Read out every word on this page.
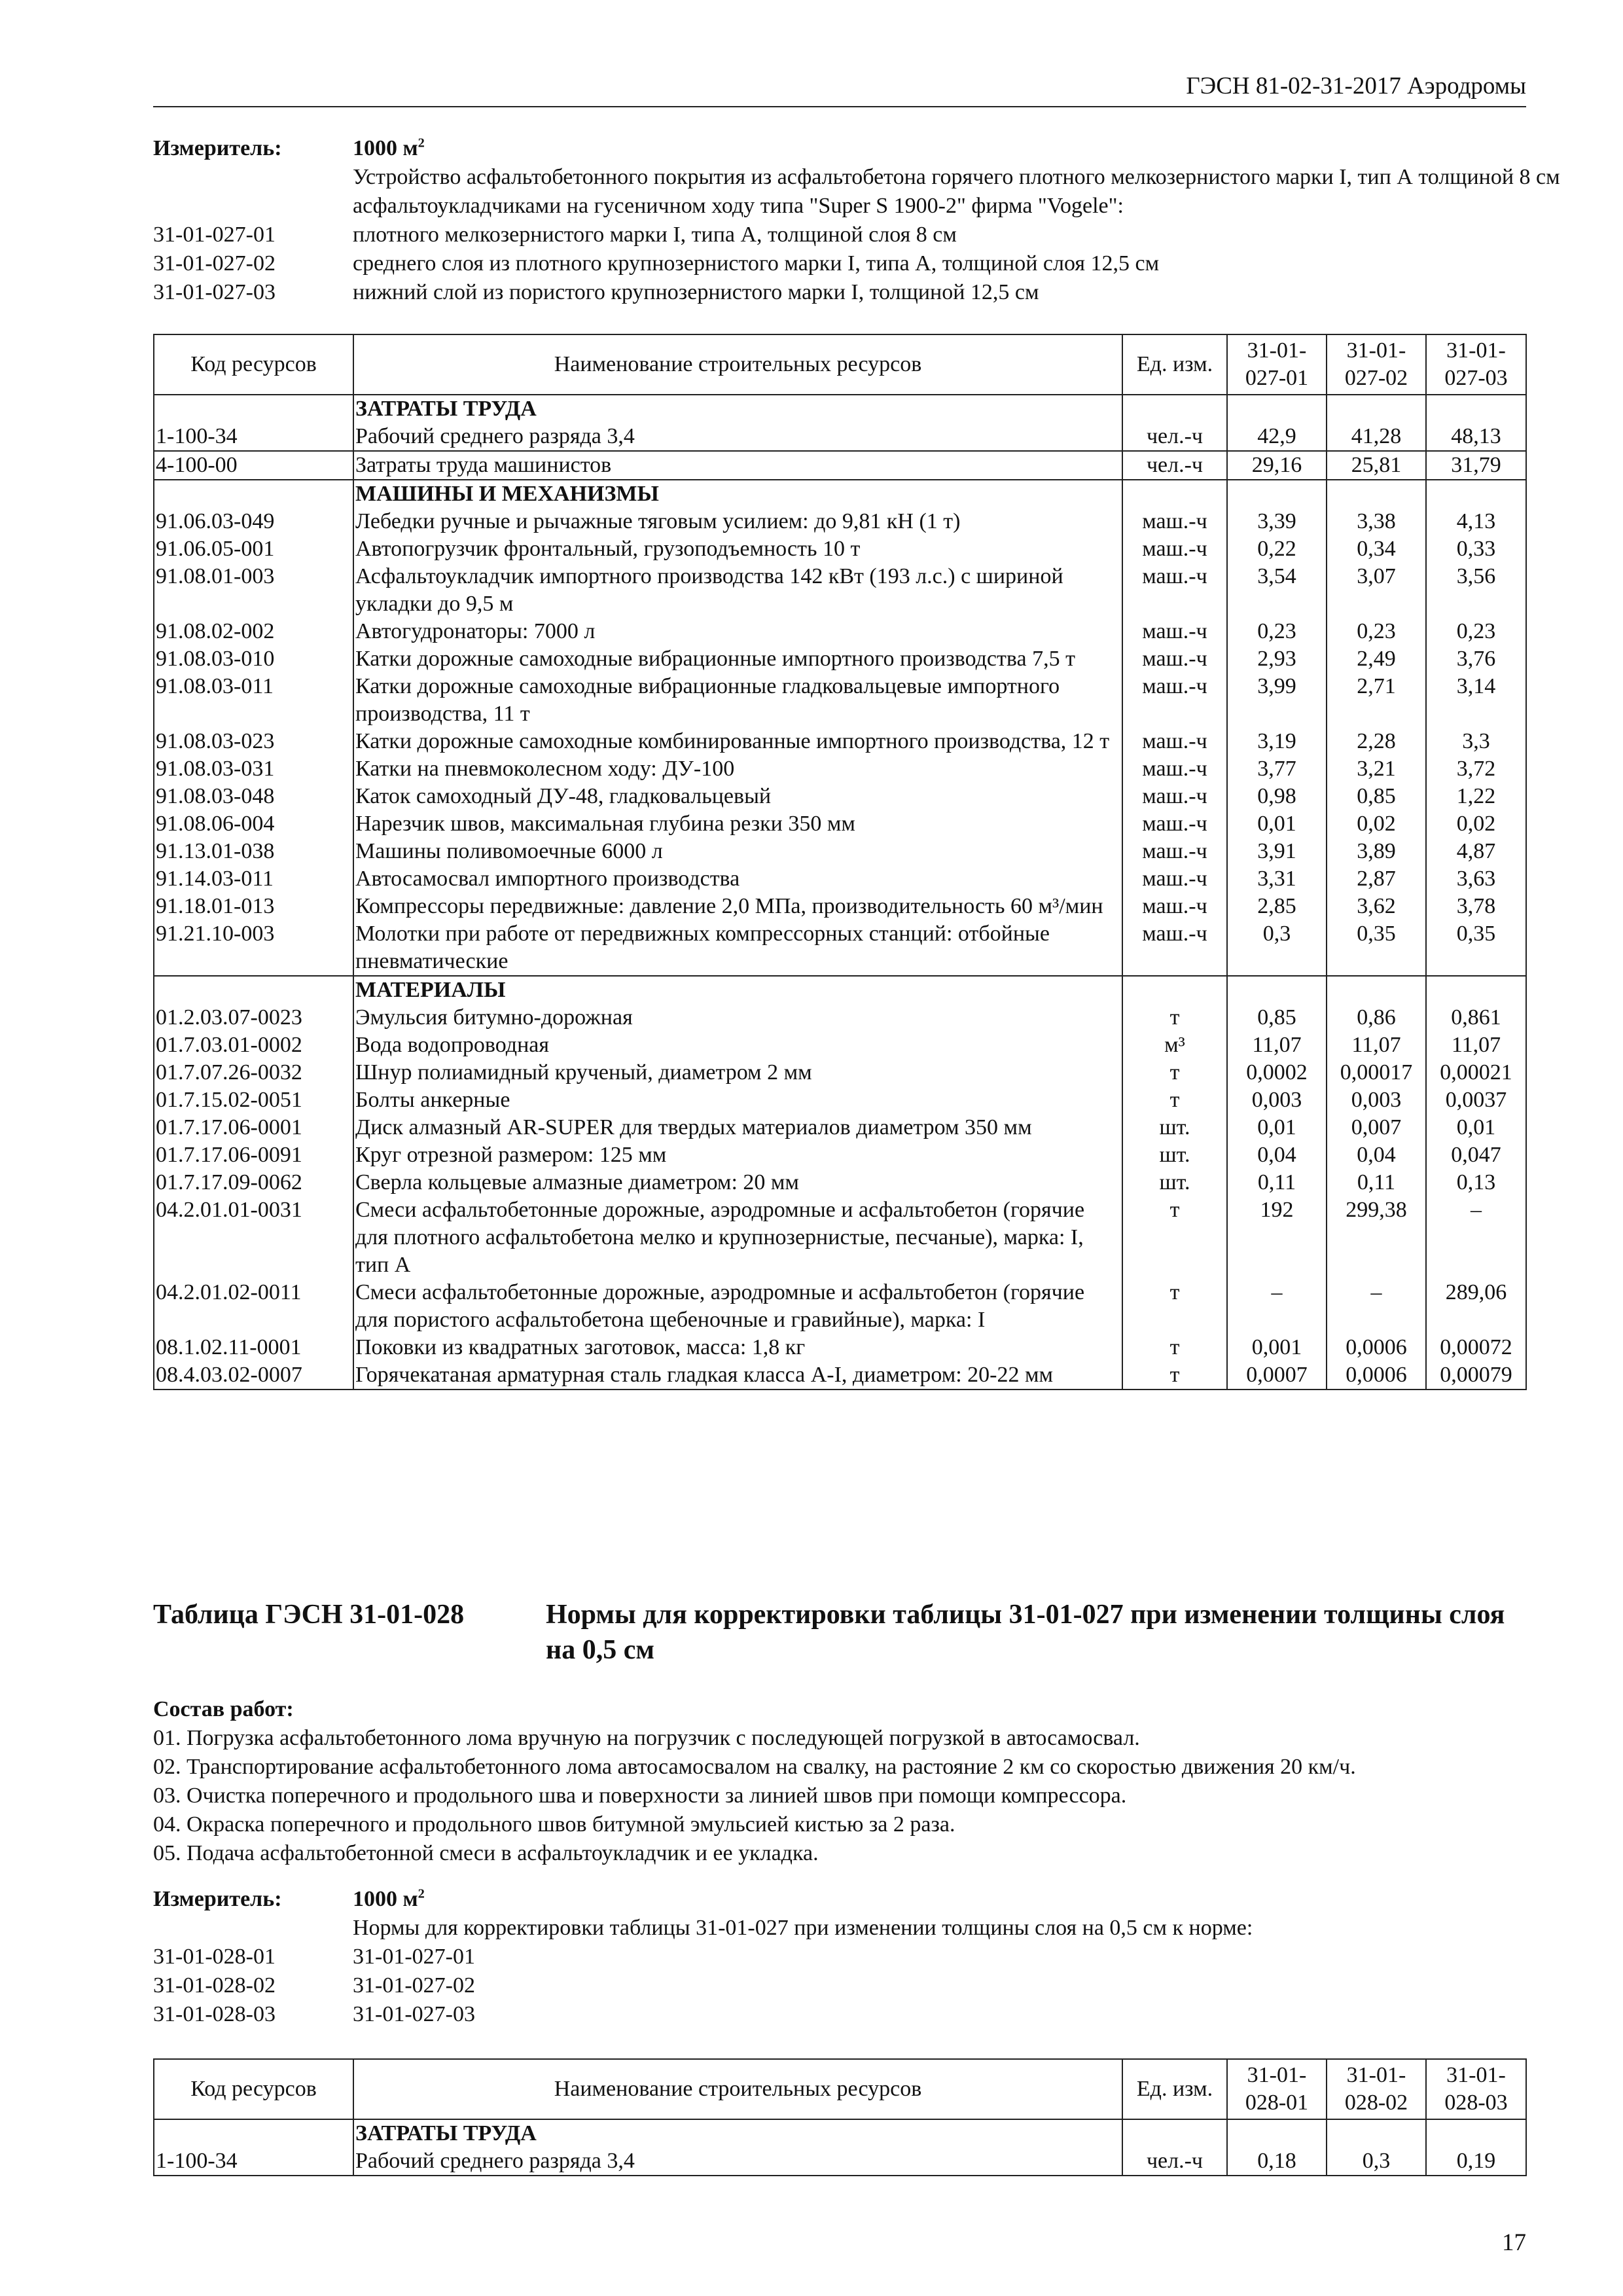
ГЭСН 81-02-31-2017 Аэродромы
Измеритель:	1000 $м^2$
Устройство асфальтобетонного покрытия из асфальтобетона горячего плотного мелкозернистого марки I, тип А толщиной 8 см асфальтоукладчиками на гусеничном ходу типа "Super S 1900-2" фирма "Vogele":
31-01-027-01	плотного мелкозернистого марки I, типа А, толщиной слоя 8 см
31-01-027-02	среднего слоя из плотного крупнозернистого марки I, типа А, толщиной слоя 12,5 см
31-01-027-03	нижний слой из пористого крупнозернистого марки I, толщиной 12,5 см
Код ресурсов	Наименование строительных ресурсов	Ед. изм.	31-01-027-01	31-01-027-02	31-01-027-03
	ЗАТРАТЫ ТРУДА				
1-100-34	Рабочий среднего разряда 3,4	чел.-ч	42,9	41,28	48,13
4-100-00	Затраты труда машинистов	чел.-ч	29,16	25,81	31,79
	МАШИНЫ И МЕХАНИЗМЫ				
91.06.03-049	Лебедки ручные и рычажные тяговым усилием: до 9,81 кН (1 т)	маш.-ч	3,39	3,38	4,13
91.06.05-001	Автопогрузчик фронтальный, грузоподъемность 10 т	маш.-ч	0,22	0,34	0,33
91.08.01-003	Асфальтоукладчик импортного производства 142 кВт (193 л.с.) с шириной укладки до 9,5 м	маш.-ч	3,54	3,07	3,56
91.08.02-002	Автогудронаторы: 7000 л	маш.-ч	0,23	0,23	0,23
91.08.03-010	Катки дорожные самоходные вибрационные импортного производства 7,5 т	маш.-ч	2,93	2,49	3,76
91.08.03-011	Катки дорожные самоходные вибрационные гладковальцевые импортного производства, 11 т	маш.-ч	3,99	2,71	3,14
91.08.03-023	Катки дорожные самоходные комбинированные импортного производства, 12 т	маш.-ч	3,19	2,28	3,3
91.08.03-031	Катки на пневмоколесном ходу: ДУ-100	маш.-ч	3,77	3,21	3,72
91.08.03-048	Каток самоходный ДУ-48, гладковальцевый	маш.-ч	0,98	0,85	1,22
91.08.06-004	Нарезчик швов, максимальная глубина резки 350 мм	маш.-ч	0,01	0,02	0,02
91.13.01-038	Машины поливомоечные 6000 л	маш.-ч	3,91	3,89	4,87
91.14.03-011	Автосамосвал импортного производства	маш.-ч	3,31	2,87	3,63
91.18.01-013	Компрессоры передвижные: давление 2,0 МПа, производительность 60 м³/мин	маш.-ч	2,85	3,62	3,78
91.21.10-003	Молотки при работе от передвижных компрессорных станций: отбойные пневматические	маш.-ч	0,3	0,35	0,35
	МАТЕРИАЛЫ				
01.2.03.07-0023	Эмульсия битумно-дорожная	т	0,85	0,86	0,861
01.7.03.01-0002	Вода водопроводная	м³	11,07	11,07	11,07
01.7.07.26-0032	Шнур полиамидный крученый, диаметром 2 мм	т	0,0002	0,00017	0,00021
01.7.15.02-0051	Болты анкерные	т	0,003	0,003	0,0037
01.7.17.06-0001	Диск алмазный AR-SUPER для твердых материалов диаметром 350 мм	шт.	0,01	0,007	0,01
01.7.17.06-0091	Круг отрезной размером: 125 мм	шт.	0,04	0,04	0,047
01.7.17.09-0062	Сверла кольцевые алмазные диаметром: 20 мм	шт.	0,11	0,11	0,13
04.2.01.01-0031	Смеси асфальтобетонные дорожные, аэродромные и асфальтобетон (горячие для плотного асфальтобетона мелко и крупнозернистые, песчаные), марка: I, тип А	т	192	299,38	–
04.2.01.02-0011	Смеси асфальтобетонные дорожные, аэродромные и асфальтобетон (горячие для пористого асфальтобетона щебеночные и гравийные), марка: I	т	–	–	289,06
08.1.02.11-0001	Поковки из квадратных заготовок, масса: 1,8 кг	т	0,001	0,0006	0,00072
08.4.03.02-0007	Горячекатаная арматурная сталь гладкая класса А-I, диаметром: 20-22 мм	т	0,0007	0,0006	0,00079
Таблица ГЭСН 31-01-028	Нормы для корректировки таблицы 31-01-027 при изменении толщины слоя на 0,5 см
Состав работ:
01. Погрузка асфальтобетонного лома вручную на погрузчик с последующей погрузкой в автосамосвал.
02. Транспортирование асфальтобетонного лома автосамосвалом на свалку, на растояние 2 км со скоростью движения 20 км/ч.
03. Очистка поперечного и продольного шва и поверхности за линией швов при помощи компрессора.
04. Окраска поперечного и продольного швов битумной эмульсией кистью за 2 раза.
05. Подача асфальтобетонной смеси в асфальтоукладчик и ее укладка.
Измеритель:	1000 $м^2$
Нормы для корректировки таблицы 31-01-027 при изменении толщины слоя на 0,5 см к норме:
31-01-028-01	31-01-027-01
31-01-028-02	31-01-027-02
31-01-028-03	31-01-027-03
Код ресурсов	Наименование строительных ресурсов	Ед. изм.	31-01-028-01	31-01-028-02	31-01-028-03
	ЗАТРАТЫ ТРУДА				
1-100-34	Рабочий среднего разряда 3,4	чел.-ч	0,18	0,3	0,19
17
